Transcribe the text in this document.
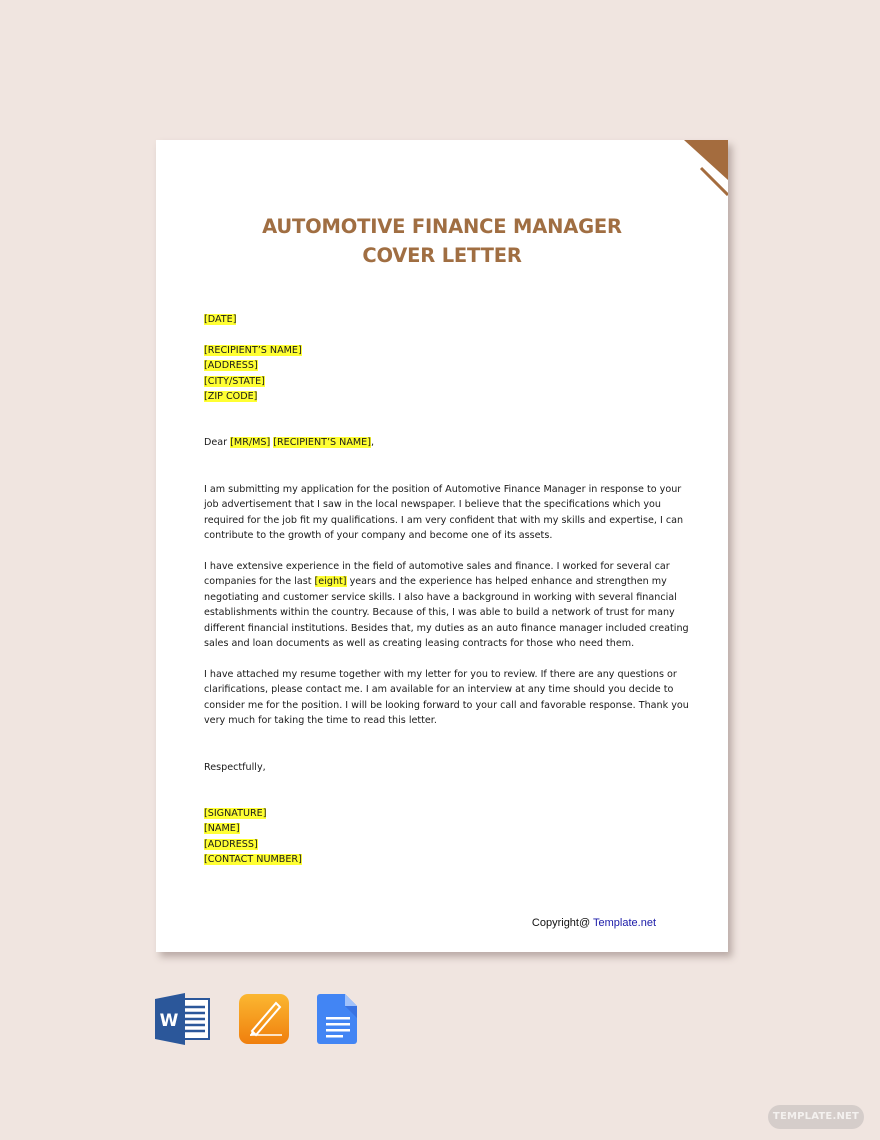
AUTOMOTIVE FINANCE MANAGER
COVER LETTER
[DATE]
[RECIPIENT’S NAME]
[ADDRESS]
[CITY/STATE]
[ZIP CODE]
Dear [MR/MS] [RECIPIENT’S NAME],
I am submitting my application for the position of Automotive Finance Manager in response to your
job advertisement that I saw in the local newspaper. I believe that the specifications which you
required for the job fit my qualifications. I am very confident that with my skills and expertise, I can
contribute to the growth of your company and become one of its assets.
I have extensive experience in the field of automotive sales and finance. I worked for several car
companies for the last [eight] years and the experience has helped enhance and strengthen my
negotiating and customer service skills. I also have a background in working with several financial
establishments within the country. Because of this, I was able to build a network of trust for many
different financial institutions. Besides that, my duties as an auto finance manager included creating
sales and loan documents as well as creating leasing contracts for those who need them.
I have attached my resume together with my letter for you to review. If there are any questions or
clarifications, please contact me. I am available for an interview at any time should you decide to
consider me for the position. I will be looking forward to your call and favorable response. Thank you
very much for taking the time to read this letter.
Respectfully,
[SIGNATURE]
[NAME]
[ADDRESS]
[CONTACT NUMBER]
Copyright@ Template.net
W
TEMPLATE.NET
